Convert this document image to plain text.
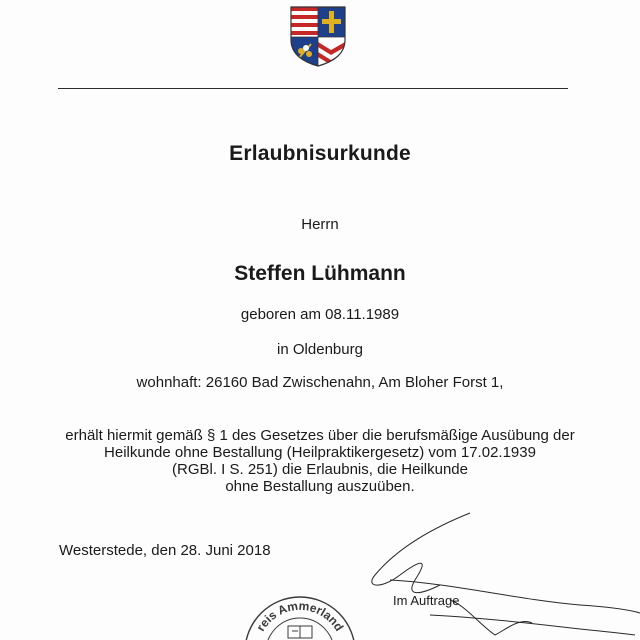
Erlaubnisurkunde
Herrn
Steffen Lühmann
geboren am 08.11.1989
in Oldenburg
wohnhaft: 26160 Bad Zwischenahn, Am Bloher Forst 1,
erhält hiermit gemäß § 1 des Gesetzes über die berufsmäßige Ausübung der
Heilkunde ohne Bestallung (Heilpraktikergesetz) vom 17.02.1939
(RGBl. I S. 251) die Erlaubnis, die Heilkunde
ohne Bestallung auszuüben.
Westerstede, den 28. Juni 2018
Im Auftrage
reis Ammerland
